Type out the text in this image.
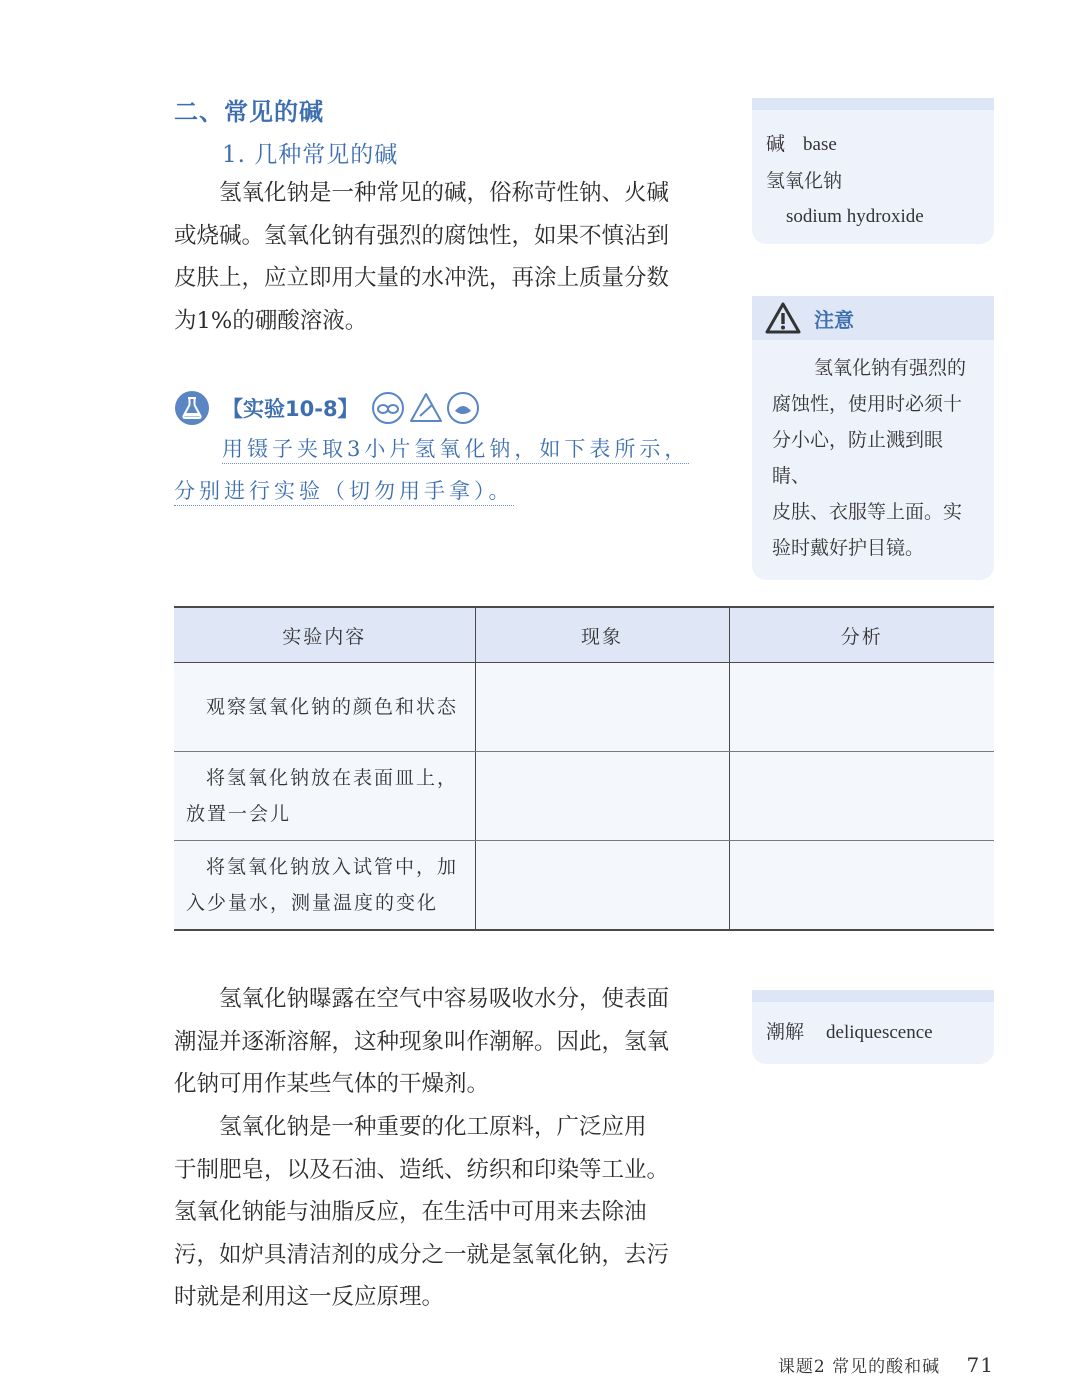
二、常见的碱
1. 几种常见的碱

氢氧化钠是一种常见的碱，俗称苛性钠、火碱
或烧碱。氢氧化钠有强烈的腐蚀性，如果不慎沾到
皮肤上，应立即用大量的水冲洗，再涂上质量分数
为1%的硼酸溶液。

碱 base
氢氧化钠
sodium hydroxide
注意
氢氧化钠有强烈的
腐蚀性，使用时必须十
分小心，防止溅到眼睛、
皮肤、衣服等上面。实
验时戴好护目镜。
【实验10-8】
用镊子夹取3小片氢氧化钠，如下表所示，
分别进行实验（切勿用手拿）。
实验内容	现象	分析
观察氢氧化钠的颜色和状态		

将氢氧化钠放在表面皿上，
放置一会儿		

将氢氧化钠放入试管中，加
入少量水，测量温度的变化		

氢氧化钠曝露在空气中容易吸收水分，使表面
潮湿并逐渐溶解，这种现象叫作潮解。因此，氢氧
化钠可用作某些气体的干燥剂。

潮解 deliquescence

氢氧化钠是一种重要的化工原料，广泛应用
于制肥皂，以及石油、造纸、纺织和印染等工业。
氢氧化钠能与油脂反应，在生活中可用来去除油
污，如炉具清洁剂的成分之一就是氢氧化钠，去污
时就是利用这一反应原理。

课题2 常见的酸和碱 71
